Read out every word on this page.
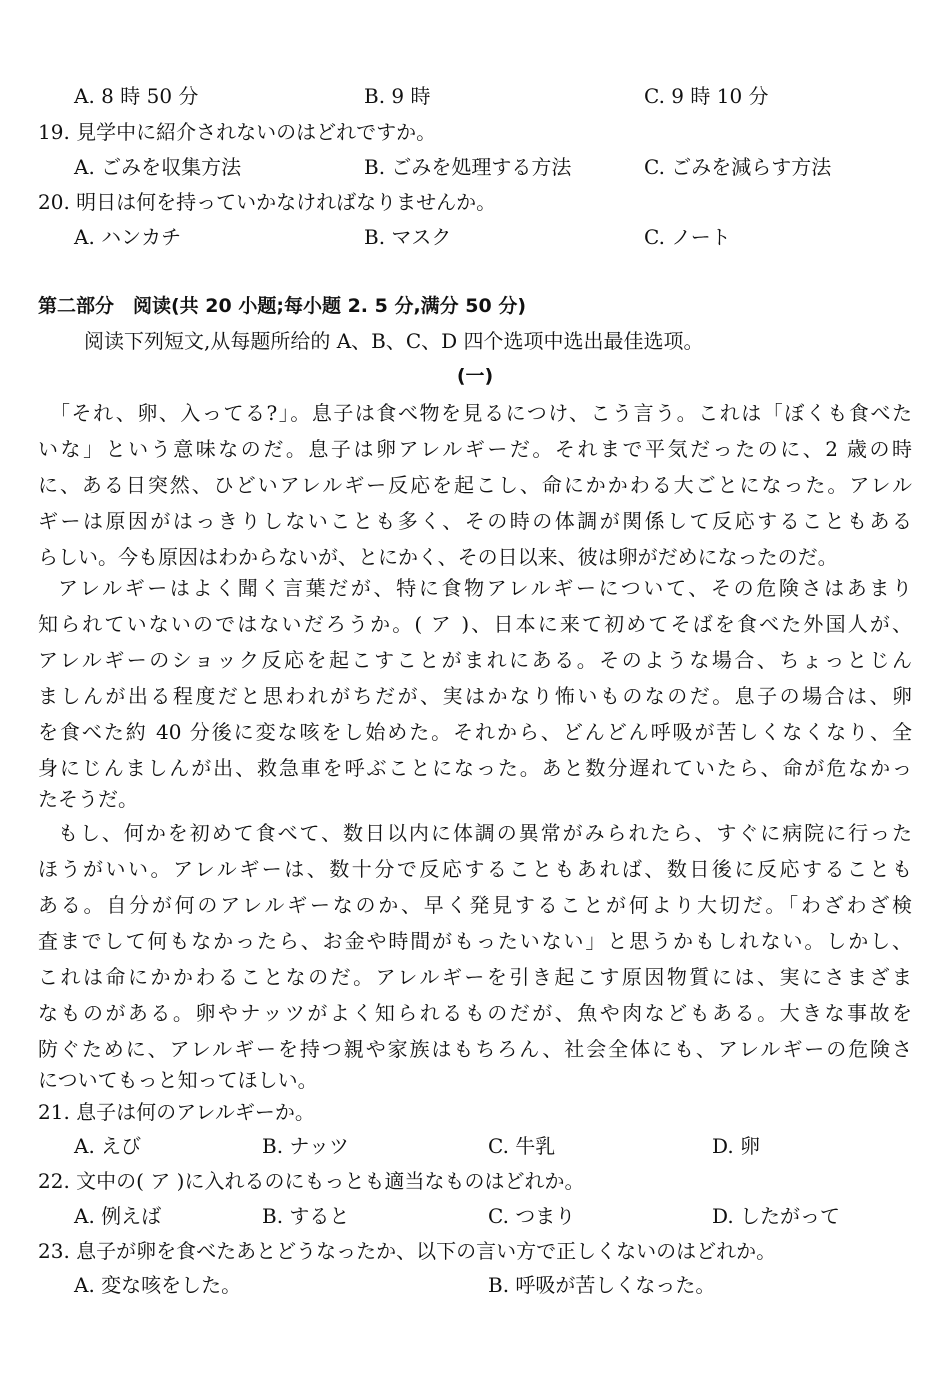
A. 8 時 50 分	B. 9 時	C. 9 時 10 分
19. 見学中に紹介されないのはどれですか。
A. ごみを収集方法	B. ごみを処理する方法	C. ごみを減らす方法
20. 明日は何を持っていかなければなりませんか。
A. ハンカチ	B. マスク	C. ノート
第二部分　阅读(共 20 小题;每小题 2. 5 分,满分 50 分)
阅读下列短文,从每题所给的 A、B、C、D 四个选项中选出最佳选项。
(一)
「それ、卵、入ってる?」。息子は食べ物を見るにつけ、こう言う。これは「ぼくも食べた
いな」という意味なのだ。息子は卵アレルギーだ。それまで平気だったのに、2 歳の時
に、ある日突然、ひどいアレルギー反応を起こし、命にかかわる大ごとになった。アレル
ギーは原因がはっきりしないことも多く、その時の体調が関係して反応することもある
らしい。今も原因はわからないが、とにかく、その日以来、彼は卵がだめになったのだ。
アレルギーはよく聞く言葉だが、特に食物アレルギーについて、その危険さはあまり
知られていないのではないだろうか。( ア )、日本に来て初めてそばを食べた外国人が、
アレルギーのショック反応を起こすことがまれにある。そのような場合、ちょっとじん
ましんが出る程度だと思われがちだが、実はかなり怖いものなのだ。息子の場合は、卵
を食べた約 40 分後に変な咳をし始めた。それから、どんどん呼吸が苦しくなくなり、全
身にじんましんが出、救急車を呼ぶことになった。あと数分遅れていたら、命が危なかっ
たそうだ。
もし、何かを初めて食べて、数日以内に体調の異常がみられたら、すぐに病院に行った
ほうがいい。アレルギーは、数十分で反応することもあれば、数日後に反応することも
ある。自分が何のアレルギーなのか、早く発見することが何より大切だ。「わざわざ検
査までして何もなかったら、お金や時間がもったいない」と思うかもしれない。しかし、
これは命にかかわることなのだ。アレルギーを引き起こす原因物質には、実にさまざま
なものがある。卵やナッツがよく知られるものだが、魚や肉などもある。大きな事故を
防ぐために、アレルギーを持つ親や家族はもちろん、社会全体にも、アレルギーの危険さ
についてもっと知ってほしい。
21. 息子は何のアレルギーか。
A. えび	B. ナッツ	C. 牛乳	D. 卵
22. 文中の( ア )に入れるのにもっとも適当なものはどれか。
A. 例えば	B. すると	C. つまり	D. したがって
23. 息子が卵を食べたあとどうなったか、以下の言い方で正しくないのはどれか。
A. 変な咳をした。	B. 呼吸が苦しくなった。
